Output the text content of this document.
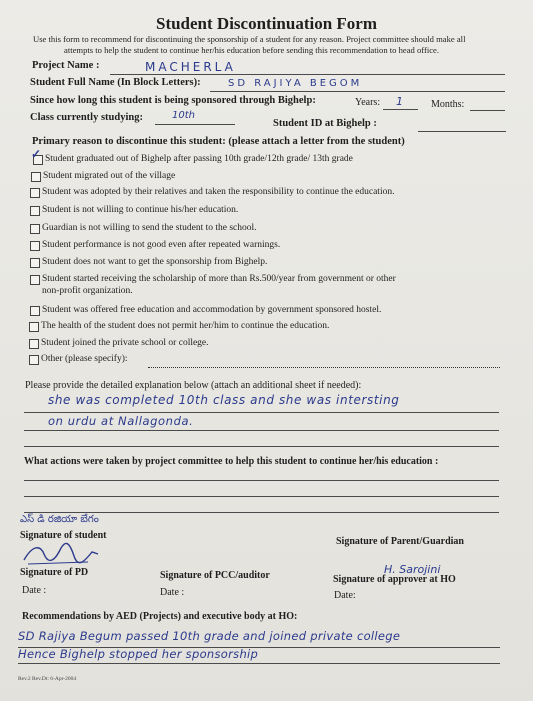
Student Discontinuation Form
Use this form to recommend for discontinuing the sponsorship of a student for any reason. Project committee should make all
attempts to help the student to continue her/his education before sending this recommendation to head office.
Project Name :	MACHERLA
Student Full Name (In Block Letters):	SD RAJIYA BEGOM
Since how long this student is being sponsored through Bighelp:	Years: 1	Months:
Class currently studying:	10th
Student ID at Bighelp :
Primary reason to discontinue this student: (please attach a letter from the student)
✓ Student graduated out of Bighelp after passing 10th grade/12th grade/ 13th grade
Student migrated out of the village
Student was adopted by their relatives and taken the responsibility to continue the education.
Student is not willing to continue his/her education.
Guardian is not willing to send the student to the school.
Student performance is not good even after repeated warnings.
Student does not want to get the sponsorship from Bighelp.
Student started receiving the scholarship of more than Rs.500/year from government or other
non-profit organization.
Student was offered free education and accommodation by government sponsored hostel.
The health of the student does not permit her/him to continue the education.
Student joined the private school or college.
Other (please specify):
Please provide the detailed explanation below (attach an additional sheet if needed):
she was completed 10th class and she was intersting
on urdu at Nallagonda.
What actions were taken by project committee to help this student to continue her/his education :
ఎస్ డి రజియా బేగం
Signature of student
Signature of Parent/Guardian
Signature of PD	Signature of PCC/auditor	H. Sarojini
Signature of approver at HO
Date :	Date :	Date:
Recommendations by AED (Projects) and executive body at HO:
SD Rajiya Begum passed 10th grade and joined private college
Hence Bighelp stopped her sponsorship
Rev.2 Rev.Dt: 6-Apr-2004
